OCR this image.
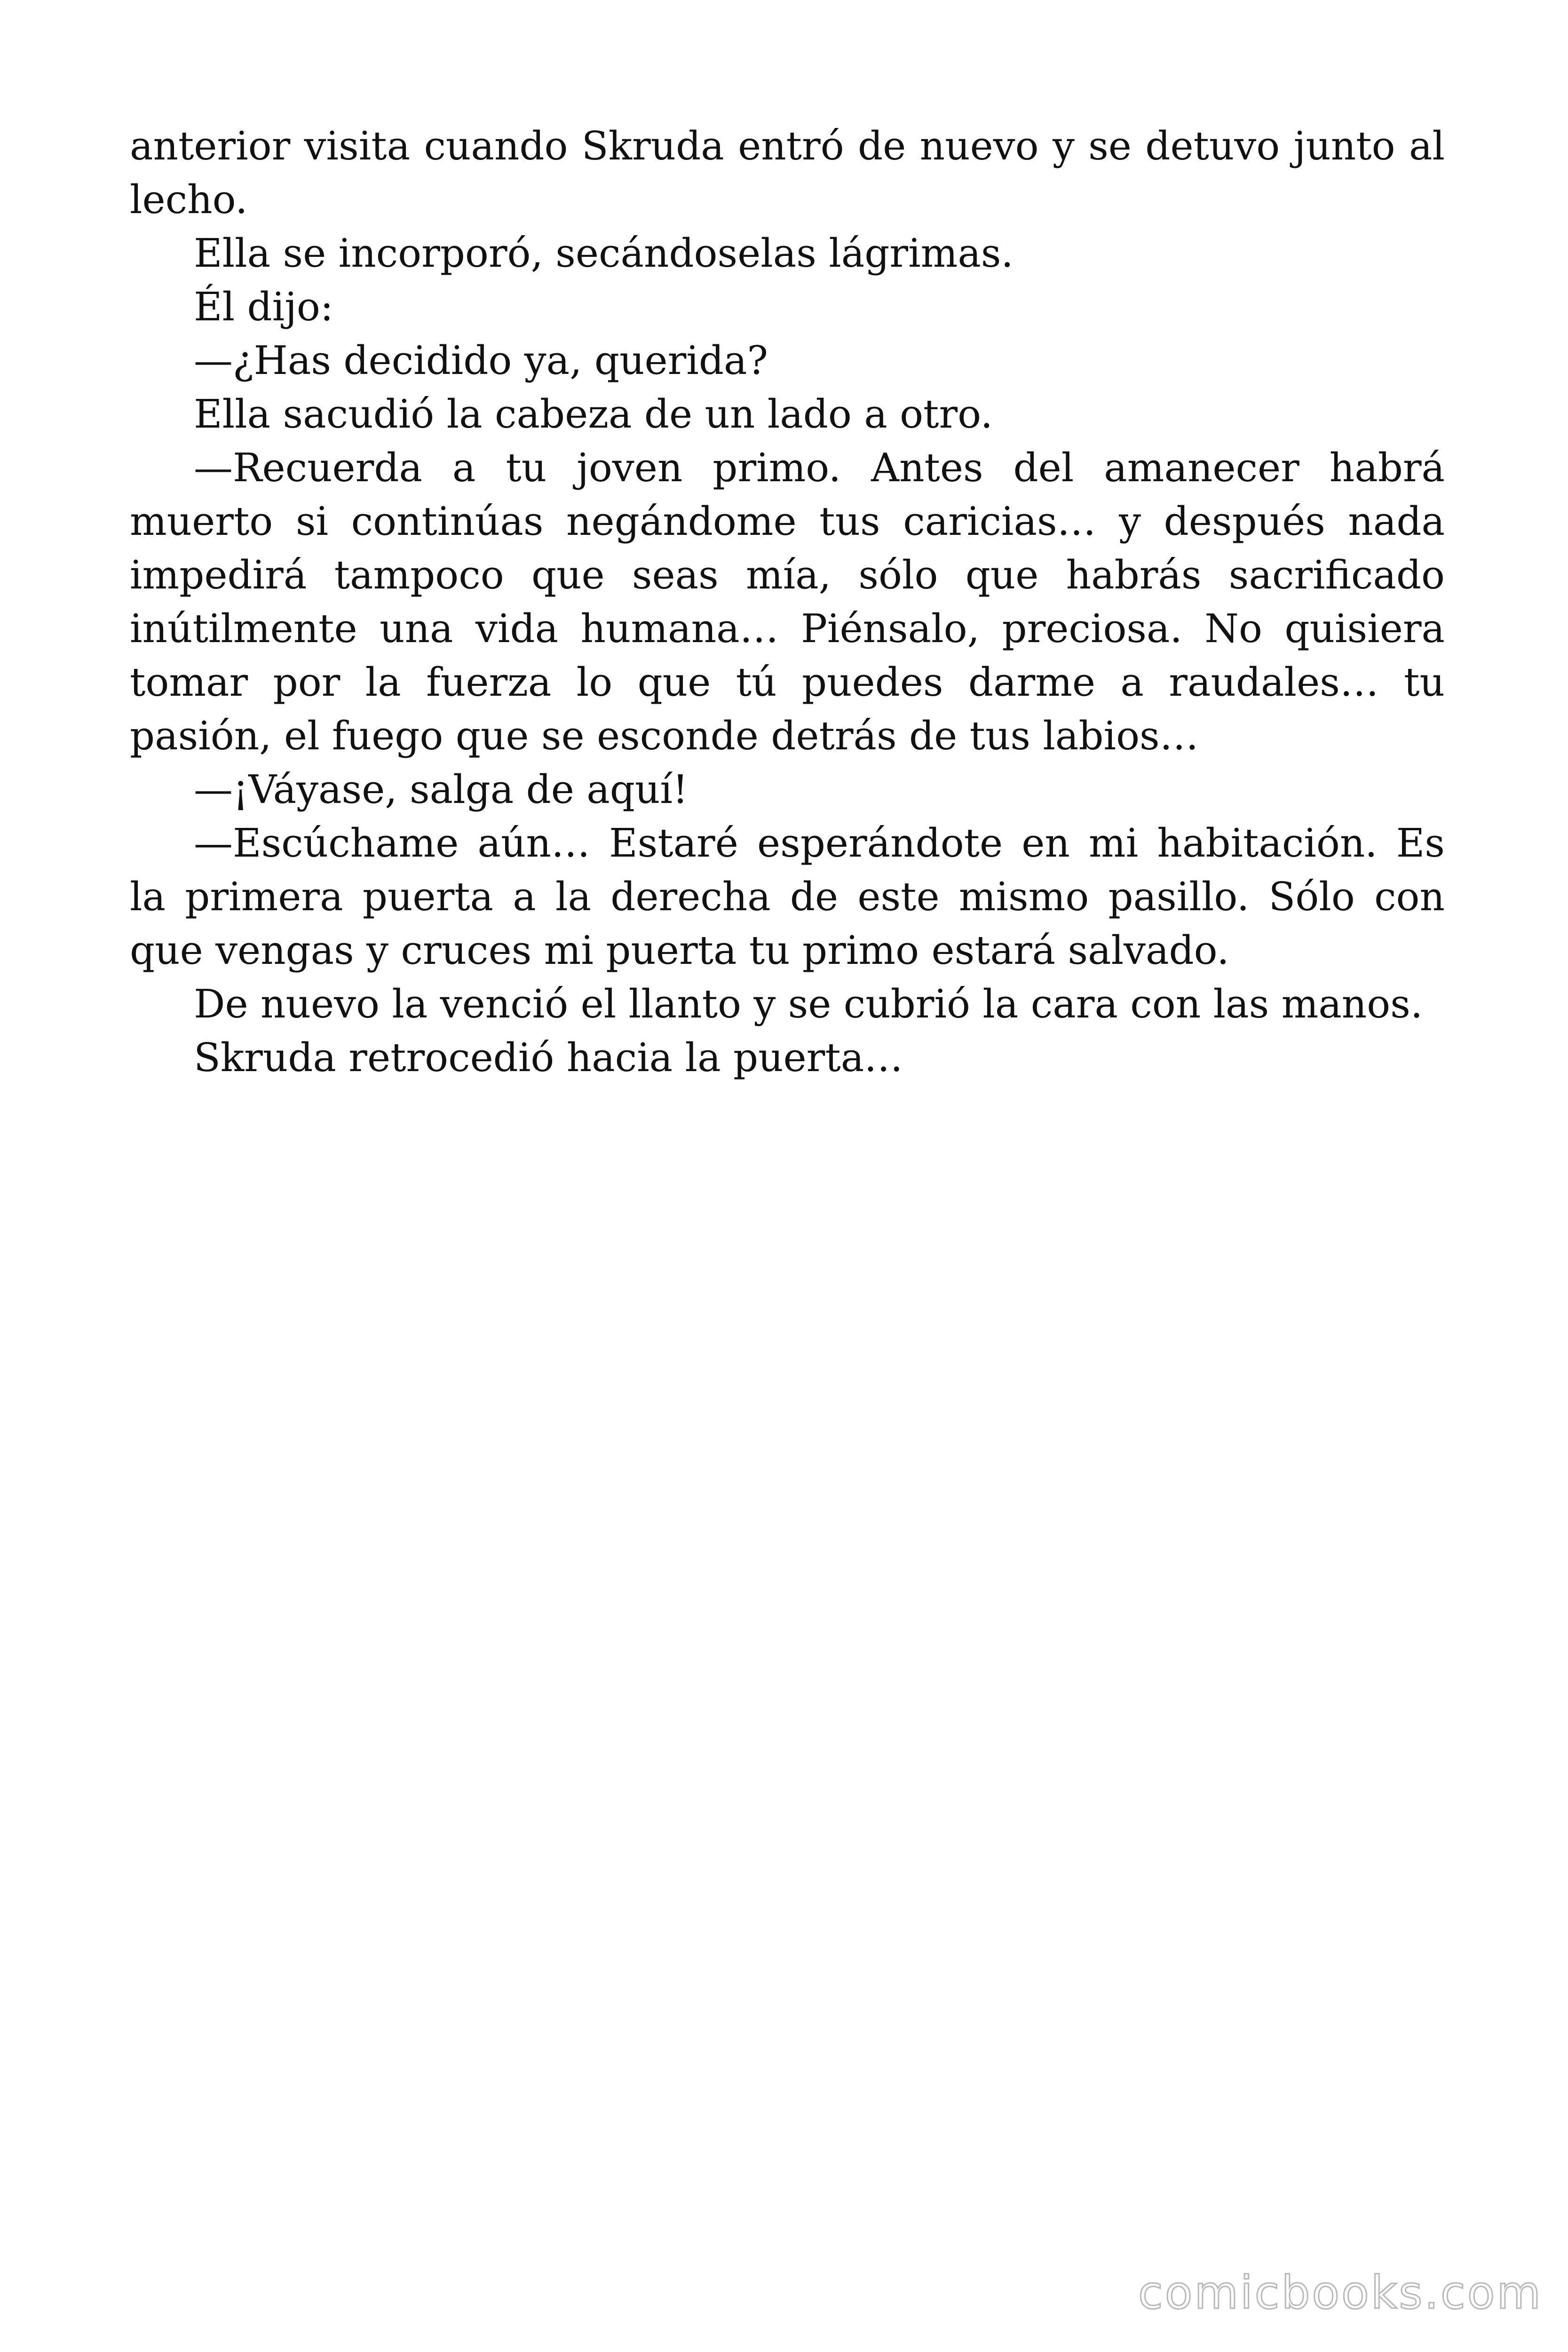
anterior visita cuando Skruda entró de nuevo y se detuvo junto al lecho.

Ella se incorporó, secándoselas lágrimas.

Él dijo:

—¿Has decidido ya, querida?

Ella sacudió la cabeza de un lado a otro.

—Recuerda a tu joven primo. Antes del amanecer habrá muerto si continúas negándome tus caricias… y después nada impedirá tampoco que seas mía, sólo que habrás sacrificado inútilmente una vida humana… Piénsalo, preciosa. No quisiera tomar por la fuerza lo que tú puedes darme a raudales… tu pasión, el fuego que se esconde detrás de tus labios…

—¡Váyase, salga de aquí!

—Escúchame aún… Estaré esperándote en mi habitación. Es la primera puerta a la derecha de este mismo pasillo. Sólo con que vengas y cruces mi puerta tu primo estará salvado.

De nuevo la venció el llanto y se cubrió la cara con las manos.

Skruda retrocedió hacia la puerta…

comicbooks.com
